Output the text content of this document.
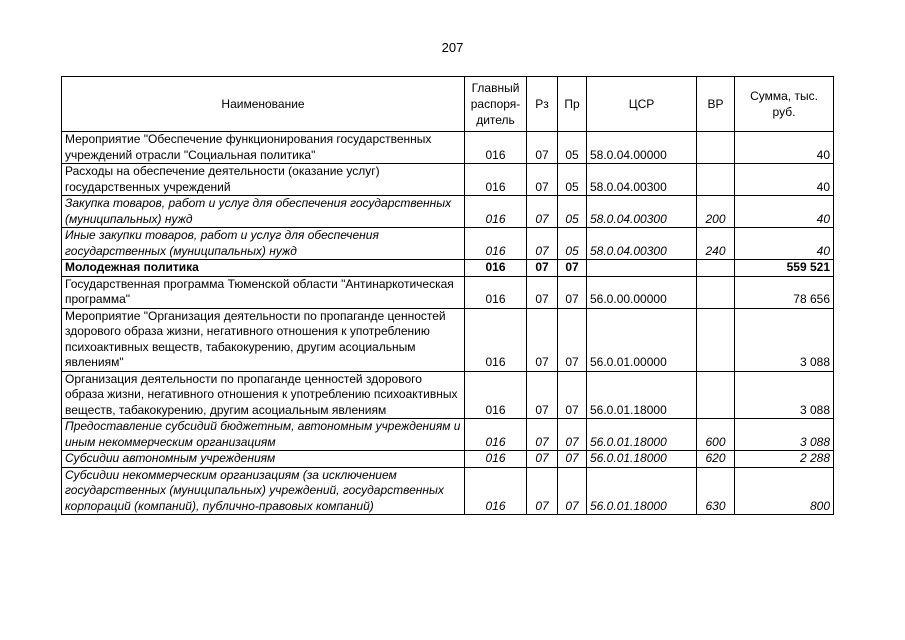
207
Наименование	Главный распоря-дитель	Рз	Пр	ЦСР	ВР	Сумма, тыс. руб.
Мероприятие "Обеспечение функционирования государственных учреждений отрасли "Социальная политика"	016	07	05	58.0.04.00000		40
Расходы на обеспечение деятельности (оказание услуг) государственных учреждений	016	07	05	58.0.04.00300		40
Закупка товаров, работ и услуг для обеспечения государственных (муниципальных) нужд	016	07	05	58.0.04.00300	200	40
Иные закупки товаров, работ и услуг для обеспечения государственных (муниципальных) нужд	016	07	05	58.0.04.00300	240	40
Молодежная политика	016	07	07			559 521
Государственная программа Тюменской области "Антинаркотическая программа"	016	07	07	56.0.00.00000		78 656
Мероприятие "Организация деятельности по пропаганде ценностей здорового образа жизни, негативного отношения к употреблению психоактивных веществ, табакокурению, другим асоциальным явлениям"	016	07	07	56.0.01.00000		3 088
Организация деятельности по пропаганде ценностей здорового образа жизни, негативного отношения к употреблению психоактивных веществ, табакокурению, другим асоциальным явлениям	016	07	07	56.0.01.18000		3 088
Предоставление субсидий бюджетным, автономным учреждениям и иным некоммерческим организациям	016	07	07	56.0.01.18000	600	3 088
Субсидии автономным учреждениям	016	07	07	56.0.01.18000	620	2 288
Субсидии некоммерческим организациям (за исключением государственных (муниципальных) учреждений, государственных корпораций (компаний), публично-правовых компаний)	016	07	07	56.0.01.18000	630	800
